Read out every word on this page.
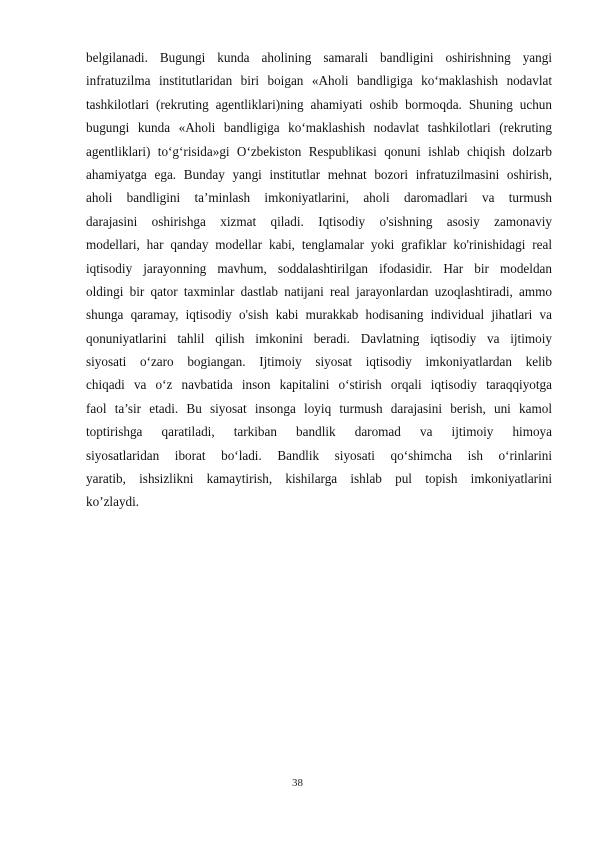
belgilanadi. Bugungi kunda aholining samarali bandligini oshirishning yangi
infratuzilma institutlaridan biri boigan «Aholi bandligiga ko‘maklashish nodavlat
tashkilotlari (rekruting agentliklari)ning ahamiyati oshib bormoqda. Shuning uchun
bugungi kunda «Aholi bandligiga ko‘maklashish nodavlat tashkilotlari (rekruting
agentliklari) to‘g‘risida»gi O‘zbekiston Respublikasi qonuni ishlab chiqish dolzarb
ahamiyatga ega. Bunday yangi institutlar mehnat bozori infratuzilmasini oshirish,
aholi bandligini ta’minlash imkoniyatlarini, aholi daromadlari va turmush
darajasini oshirishga xizmat qiladi. Iqtisodiy o'sishning asosiy zamonaviy
modellari, har qanday modellar kabi, tenglamalar yoki grafiklar ko'rinishidagi real
iqtisodiy jarayonning mavhum, soddalashtirilgan ifodasidir. Har bir modeldan
oldingi bir qator taxminlar dastlab natijani real jarayonlardan uzoqlashtiradi, ammo
shunga qaramay, iqtisodiy o'sish kabi murakkab hodisaning individual jihatlari va
qonuniyatlarini tahlil qilish imkonini beradi. Davlatning iqtisodiy va ijtimoiy
siyosati o‘zaro bogiangan. Ijtimoiy siyosat iqtisodiy imkoniyatlardan kelib
chiqadi va o‘z navbatida inson kapitalini o‘stirish orqali iqtisodiy taraqqiyotga
faol ta’sir etadi. Bu siyosat insonga loyiq turmush darajasini berish, uni kamol
toptirishga qaratiladi, tarkiban bandlik daromad va ijtimoiy himoya
siyosatlaridan iborat bo‘ladi. Bandlik siyosati qo‘shimcha ish o‘rinlarini
yaratib, ishsizlikni kamaytirish, kishilarga ishlab pul topish imkoniyatlarini
ko’zlaydi.

38
